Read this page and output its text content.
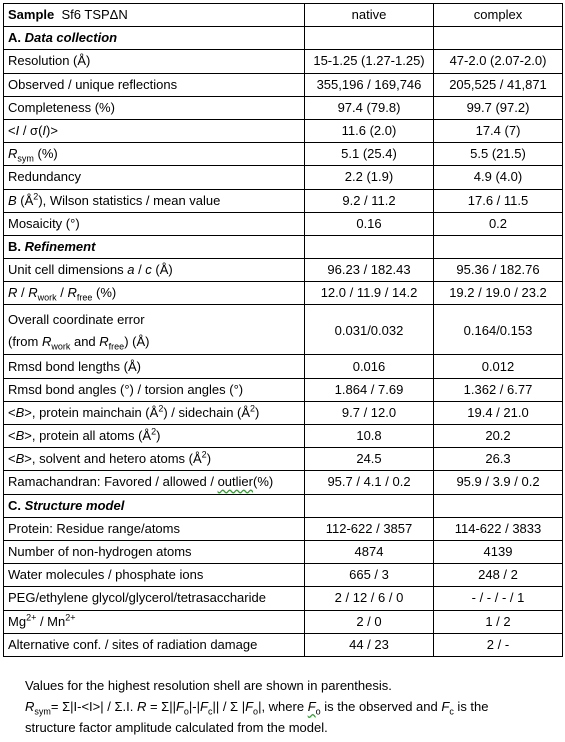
Sample Sf6 TSPΔN	native	complex
A. Data collection		
Resolution (Å)	15-1.25 (1.27-1.25)	47-2.0 (2.07-2.0)
Observed / unique reflections	355,196 / 169,746	205,525 / 41,871
Completeness (%)	97.4 (79.8)	99.7 (97.2)
<I / σ(I)>	11.6 (2.0)	17.4 (7)
$R_{sym}$ (%)	5.1 (25.4)	5.5 (21.5)
Redundancy	2.2 (1.9)	4.9 (4.0)
B $(Å^2)$, Wilson statistics / mean value	9.2 / 11.2	17.6 / 11.5
Mosaicity (°)	0.16	0.2
B. Refinement		
Unit cell dimensions a / c (Å)	96.23 / 182.43	95.36 / 182.76
R / $R_{work} / R_{free}$ (%)	12.0 / 11.9 / 14.2	19.2 / 19.0 / 23.2

Overall coordinate error
(from $R_{work}$ and $R_{free}$) (Å)	0.031/0.032	0.164/0.153
Rmsd bond lengths (Å)	0.016	0.012
Rmsd bond angles (°) / torsion angles (°)	1.864 / 7.69	1.362 / 6.77
<B>, protein mainchain $(Å^2)$ / sidechain $(Å^2)$	9.7 / 12.0	19.4 / 21.0
<B>, protein all atoms $(Å^2)$	10.8	20.2
<B>, solvent and hetero atoms $(Å^2)$	24.5	26.3
Ramachandran: Favored / allowed / outlier(%)	95.7 / 4.1 / 0.2	95.9 / 3.9 / 0.2
C. Structure model		
Protein: Residue range/atoms	112-622 / 3857	114-622 / 3833
Number of non-hydrogen atoms	4874	4139
Water molecules / phosphate ions	665 / 3	248 / 2
PEG/ethylene glycol/glycerol/tetrasaccharide	2 / 12 / 6 / 0	- / - / - / 1
$Mg^{2+} / Mn^{2+}$	2 / 0	1 / 2
Alternative conf. / sites of radiation damage	44 / 23	2 / -

Values for the highest resolution shell are shown in parenthesis.

$R_{sym}= \Sigma|I-<I>| / \Sigma.I$. $R = \Sigma||F_o|-|F_c|| / \Sigma$ $|F_o|$, where $F_o$ is the observed and $F_c$ is the

structure factor amplitude calculated from the model.
